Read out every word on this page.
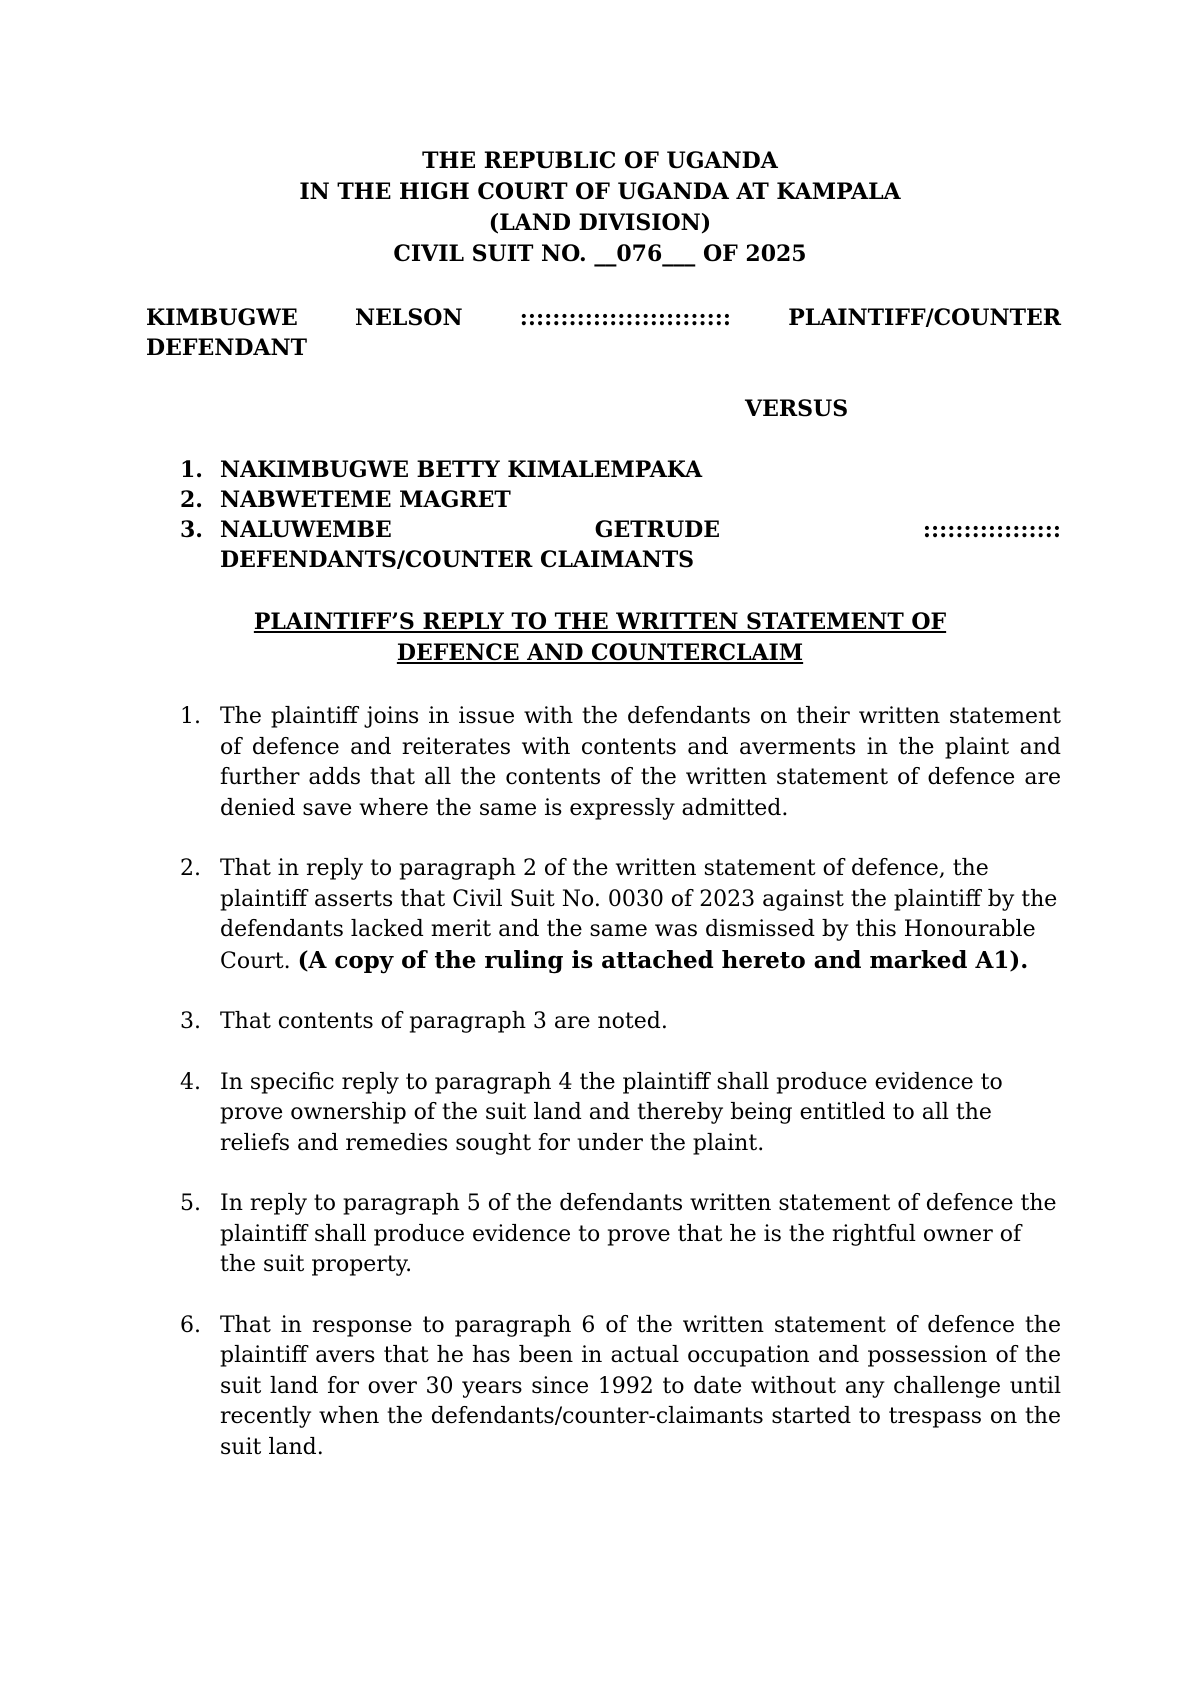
THE REPUBLIC OF UGANDA
IN THE HIGH COURT OF UGANDA AT KAMPALA
(LAND DIVISION)
CIVIL SUIT NO. __076___ OF 2025
KIMBUGWE	NELSON	::::::::::::::::::::::::::	PLAINTIFF/COUNTER
DEFENDANT
VERSUS
1. NAKIMBUGWE BETTY KIMALEMPAKA
2. NABWETEME MAGRET
3. NALUWEMBE	GETRUDE	:::::::::::::::::
DEFENDANTS/COUNTER CLAIMANTS
PLAINTIFF’S REPLY TO THE WRITTEN STATEMENT OF
DEFENCE AND COUNTERCLAIM
1. The plaintiff joins in issue with the defendants on their written statement of defence and reiterates with contents and averments in the plaint and further adds that all the contents of the written statement of defence are denied save where the same is expressly admitted.
2. That in reply to paragraph 2 of the written statement of defence, the plaintiff asserts that Civil Suit No. 0030 of 2023 against the plaintiff by the defendants lacked merit and the same was dismissed by this Honourable Court. (A copy of the ruling is attached hereto and marked A1).
3. That contents of paragraph 3 are noted.
4. In specific reply to paragraph 4 the plaintiff shall produce evidence to prove ownership of the suit land and thereby being entitled to all the reliefs and remedies sought for under the plaint.
5. In reply to paragraph 5 of the defendants written statement of defence the plaintiff shall produce evidence to prove that he is the rightful owner of the suit property.
6. That in response to paragraph 6 of the written statement of defence the plaintiff avers that he has been in actual occupation and possession of the suit land for over 30 years since 1992 to date without any challenge until recently when the defendants/counter-claimants started to trespass on the suit land.
